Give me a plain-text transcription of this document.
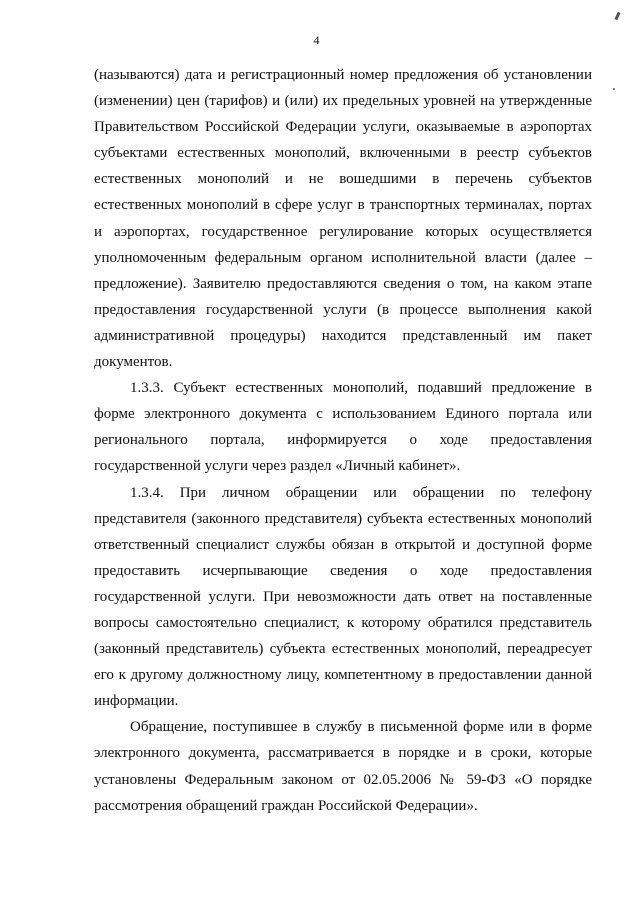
4

(называются) дата и регистрационный номер предложения об установлении (изменении) цен (тарифов) и (или) их предельных уровней на утвержденные Правительством Российской Федерации услуги, оказываемые в аэропортах субъектами естественных монополий, включенными в реестр субъектов естественных монополий и не вошедшими в перечень субъектов естественных монополий в сфере услуг в транспортных терминалах, портах и аэропортах, государственное регулирование которых осуществляется уполномоченным федеральным органом исполнительной власти (далее – предложение). Заявителю предоставляются сведения о том, на каком этапе предоставления государственной услуги (в процессе выполнения какой административной процедуры) находится представленный им пакет документов.

1.3.3. Субъект естественных монополий, подавший предложение в форме электронного документа с использованием Единого портала или регионального портала, информируется о ходе предоставления государственной услуги через раздел «Личный кабинет».

1.3.4. При личном обращении или обращении по телефону представителя (законного представителя) субъекта естественных монополий ответственный специалист службы обязан в открытой и доступной форме предоставить исчерпывающие сведения о ходе предоставления государственной услуги. При невозможности дать ответ на поставленные вопросы самостоятельно специалист, к которому обратился представитель (законный представитель) субъекта естественных монополий, переадресует его к другому должностному лицу, компетентному в предоставлении данной информации.

Обращение, поступившее в службу в письменной форме или в форме электронного документа, рассматривается в порядке и в сроки, которые установлены Федеральным законом от 02.05.2006 № 59-ФЗ «О порядке рассмотрения обращений граждан Российской Федерации».
